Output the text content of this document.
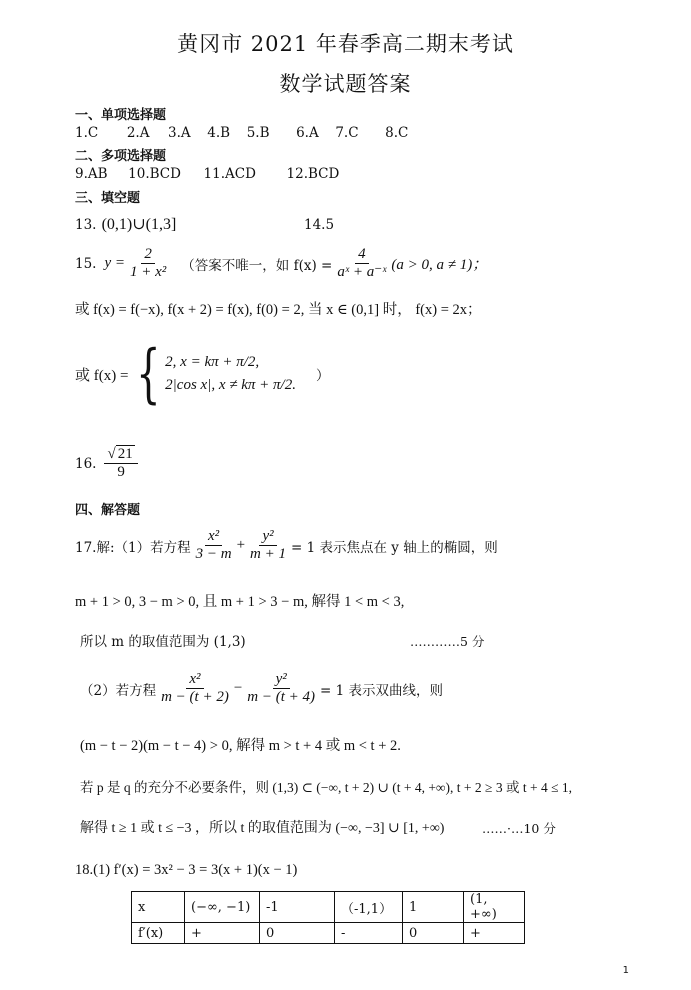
黄冈市 2021 年春季高二期末考试
数学试题答案
一、单项选择题
1.C 2.A 3.A 4.B 5.B 6.A 7.C 8.C
二、多项选择题
9.AB 10.BCD 11.ACD 12.BCD
三、填空题
13. (0,1)∪(1,3]	14.5
15. $y = \frac{2}{\text{1 + x²}}$ （答案不唯一，如 $f(x) = \frac{4}{\text{aˣ + a⁻ˣ}} (a > 0$, a ≠ 1)；
或 f(x) = f(−x), f(x + 2) = f(x), f(0) = 2, 当 x ∈ (0,1] 时， f(x) = 2x；
或 f(x) = { 2, x = kπ + π/2,
2|cos x|, x ≠ kπ + π/2.
）
16. $\frac{√ 21}{9}$
四、解答题
17.解:（1）若方程 $\frac{\text{x²}}{3 - m} + \frac{\text{y²}}{m + 1} = 1$ 表示焦点在 y 轴上的椭圆，则
m + 1 > 0, 3 − m > 0, 且 m + 1 > 3 − m, 解得 1 < m < 3,
所以 m 的取值范围为 (1,3)	…………5 分
（2）若方程 $\frac{\text{x²}}{m - (t + 2)} - \frac{\text{y²}}{m - (t + 4)} = 1$ 表示双曲线，则
(m − t − 2)(m − t − 4) > 0, 解得 m > t + 4 或 m < t + 2.
若 p 是 q 的充分不必要条件，则 (1,3) ⊂ (−∞, t + 2) ∪ (t + 4, +∞), t + 2 ≥ 3 或 t + 4 ≤ 1,
解得 t ≥ 1 或 t ≤ −3 ，所以 t 的取值范围为 (−∞, −3] ∪ [1, +∞)	……·…10 分
18.(1) f′(x) = 3x² − 3 = 3(x + 1)(x − 1)
x	(−∞, −1)	-1	（-1,1）	1	(1, +∞)
f′(x)	+	0	-	0	+
1
